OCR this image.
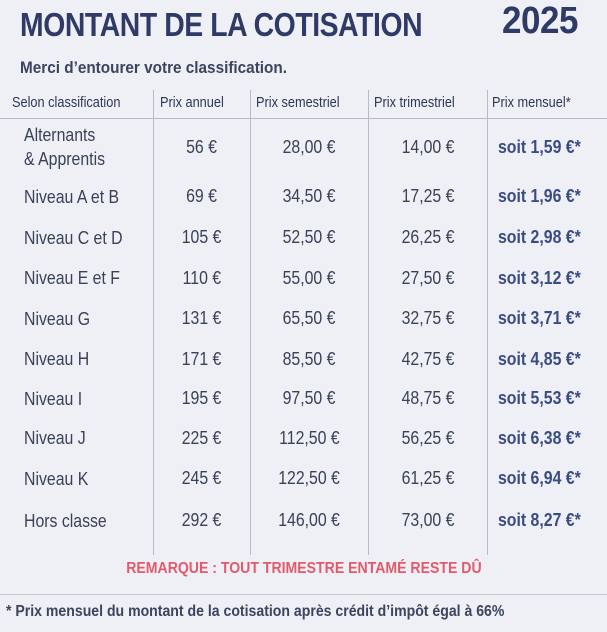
MONTANT DE LA COTISATION 2025
Merci d’entourer votre classification.
Selon classification	Prix annuel	Prix semestriel	Prix trimestriel	Prix mensuel*
Alternants
& Apprentis
56 €	28,00 €	14,00 € soit 1,59 €*
Niveau A et B	69 €	34,50 €	17,25 € soit 1,96 €*
Niveau C et D	105 €	52,50 €	26,25 € soit 2,98 €*
Niveau E et F	110 €	55,00 €	27,50 € soit 3,12 €*
Niveau G	131 €	65,50 €	32,75 € soit 3,71 €*
Niveau H	171 €	85,50 €	42,75 € soit 4,85 €*
Niveau I	195 €	97,50 €	48,75 € soit 5,53 €*
Niveau J	225 €	112,50 €	56,25 € soit 6,38 €*
Niveau K	245 €	122,50 €	61,25 € soit 6,94 €*
Hors classe	292 €	146,00 €	73,00 € soit 8,27 €*
REMARQUE : TOUT TRIMESTRE ENTAMÉ RESTE DÛ
* Prix mensuel du montant de la cotisation après crédit d’impôt égal à 66%
